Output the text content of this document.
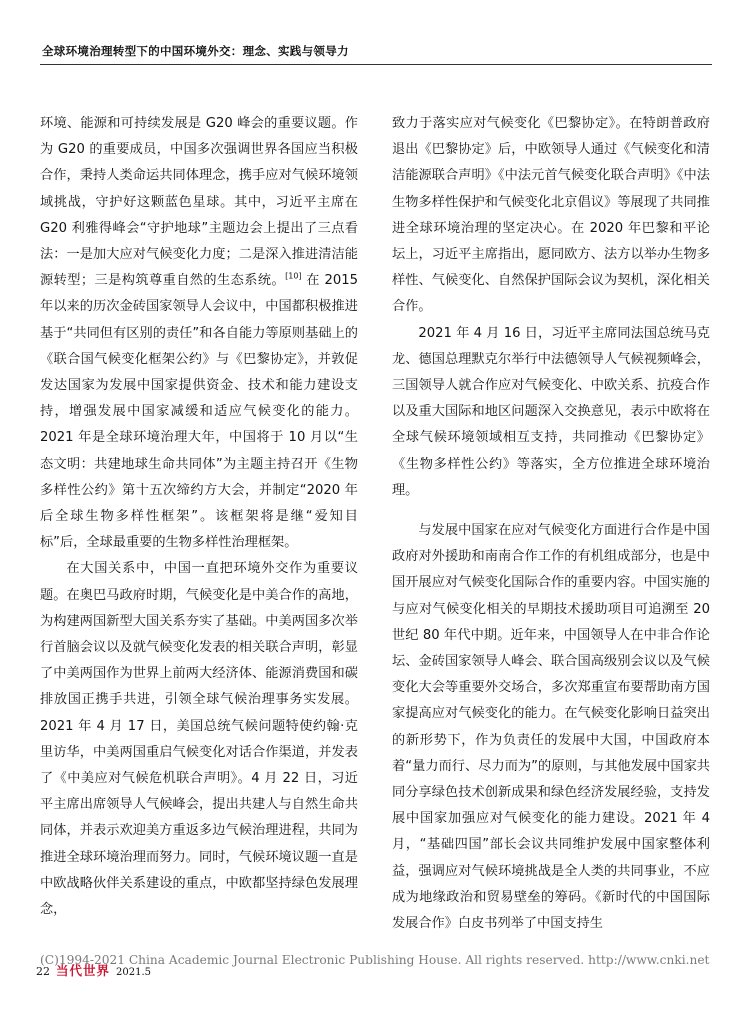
全球环境治理转型下的中国环境外交：理念、实践与领导力

环境、能源和可持续发展是 G20 峰会的重要议题。作为 G20 的重要成员，中国多次强调世界各国应当积极合作，秉持人类命运共同体理念，携手应对气候环境领域挑战，守护好这颗蓝色星球。其中，习近平主席在 G20 利雅得峰会“守护地球”主题边会上提出了三点看法：一是加大应对气候变化力度；二是深入推进清洁能源转型；三是构筑尊重自然的生态系统。[10] 在 2015 年以来的历次金砖国家领导人会议中，中国都积极推进基于“共同但有区别的责任”和各自能力等原则基础上的《联合国气候变化框架公约》与《巴黎协定》，并敦促发达国家为发展中国家提供资金、技术和能力建设支持，增强发展中国家减缓和适应气候变化的能力。2021 年是全球环境治理大年，中国将于 10 月以“生态文明：共建地球生命共同体”为主题主持召开《生物多样性公约》第十五次缔约方大会，并制定“2020 年后全球生物多样性框架”。该框架将是继“爱知目标”后，全球最重要的生物多样性治理框架。

在大国关系中，中国一直把环境外交作为重要议题。在奥巴马政府时期，气候变化是中美合作的高地，为构建两国新型大国关系夯实了基础。中美两国多次举行首脑会议以及就气候变化发表的相关联合声明，彰显了中美两国作为世界上前两大经济体、能源消费国和碳排放国正携手共进，引领全球气候治理事务实发展。2021 年 4 月 17 日，美国总统气候问题特使约翰·克里访华，中美两国重启气候变化对话合作渠道，并发表了《中美应对气候危机联合声明》。4 月 22 日，习近平主席出席领导人气候峰会，提出共建人与自然生命共同体，并表示欢迎美方重返多边气候治理进程，共同为推进全球环境治理而努力。同时，气候环境议题一直是中欧战略伙伴关系建设的重点，中欧都坚持绿色发展理念，

致力于落实应对气候变化《巴黎协定》。在特朗普政府退出《巴黎协定》后，中欧领导人通过《气候变化和清洁能源联合声明》《中法元首气候变化联合声明》《中法生物多样性保护和气候变化北京倡议》等展现了共同推进全球环境治理的坚定决心。在 2020 年巴黎和平论坛上，习近平主席指出，愿同欧方、法方以举办生物多样性、气候变化、自然保护国际会议为契机，深化相关合作。

2021 年 4 月 16 日，习近平主席同法国总统马克龙、德国总理默克尔举行中法德领导人气候视频峰会，三国领导人就合作应对气候变化、中欧关系、抗疫合作以及重大国际和地区问题深入交换意见，表示中欧将在全球气候环境领域相互支持，共同推动《巴黎协定》《生物多样性公约》等落实，全方位推进全球环境治理。

与发展中国家在应对气候变化方面进行合作是中国政府对外援助和南南合作工作的有机组成部分，也是中国开展应对气候变化国际合作的重要内容。中国实施的与应对气候变化相关的早期技术援助项目可追溯至 20 世纪 80 年代中期。近年来，中国领导人在中非合作论坛、金砖国家领导人峰会、联合国高级别会议以及气候变化大会等重要外交场合，多次郑重宣布要帮助南方国家提高应对气候变化的能力。在气候变化影响日益突出的新形势下，作为负责任的发展中大国，中国政府本着“量力而行、尽力而为”的原则，与其他发展中国家共同分享绿色技术创新成果和绿色经济发展经验，支持发展中国家加强应对气候变化的能力建设。2021 年 4 月，“基础四国”部长会议共同维护发展中国家整体利益，强调应对气候环境挑战是全人类的共同事业，不应成为地缘政治和贸易壁垒的筹码。《新时代的中国国际发展合作》白皮书列举了中国支持生

(C)1994-2021 China Academic Journal Electronic Publishing House. All rights reserved. http://www.cnki.net
22 当代世界 2021.5
